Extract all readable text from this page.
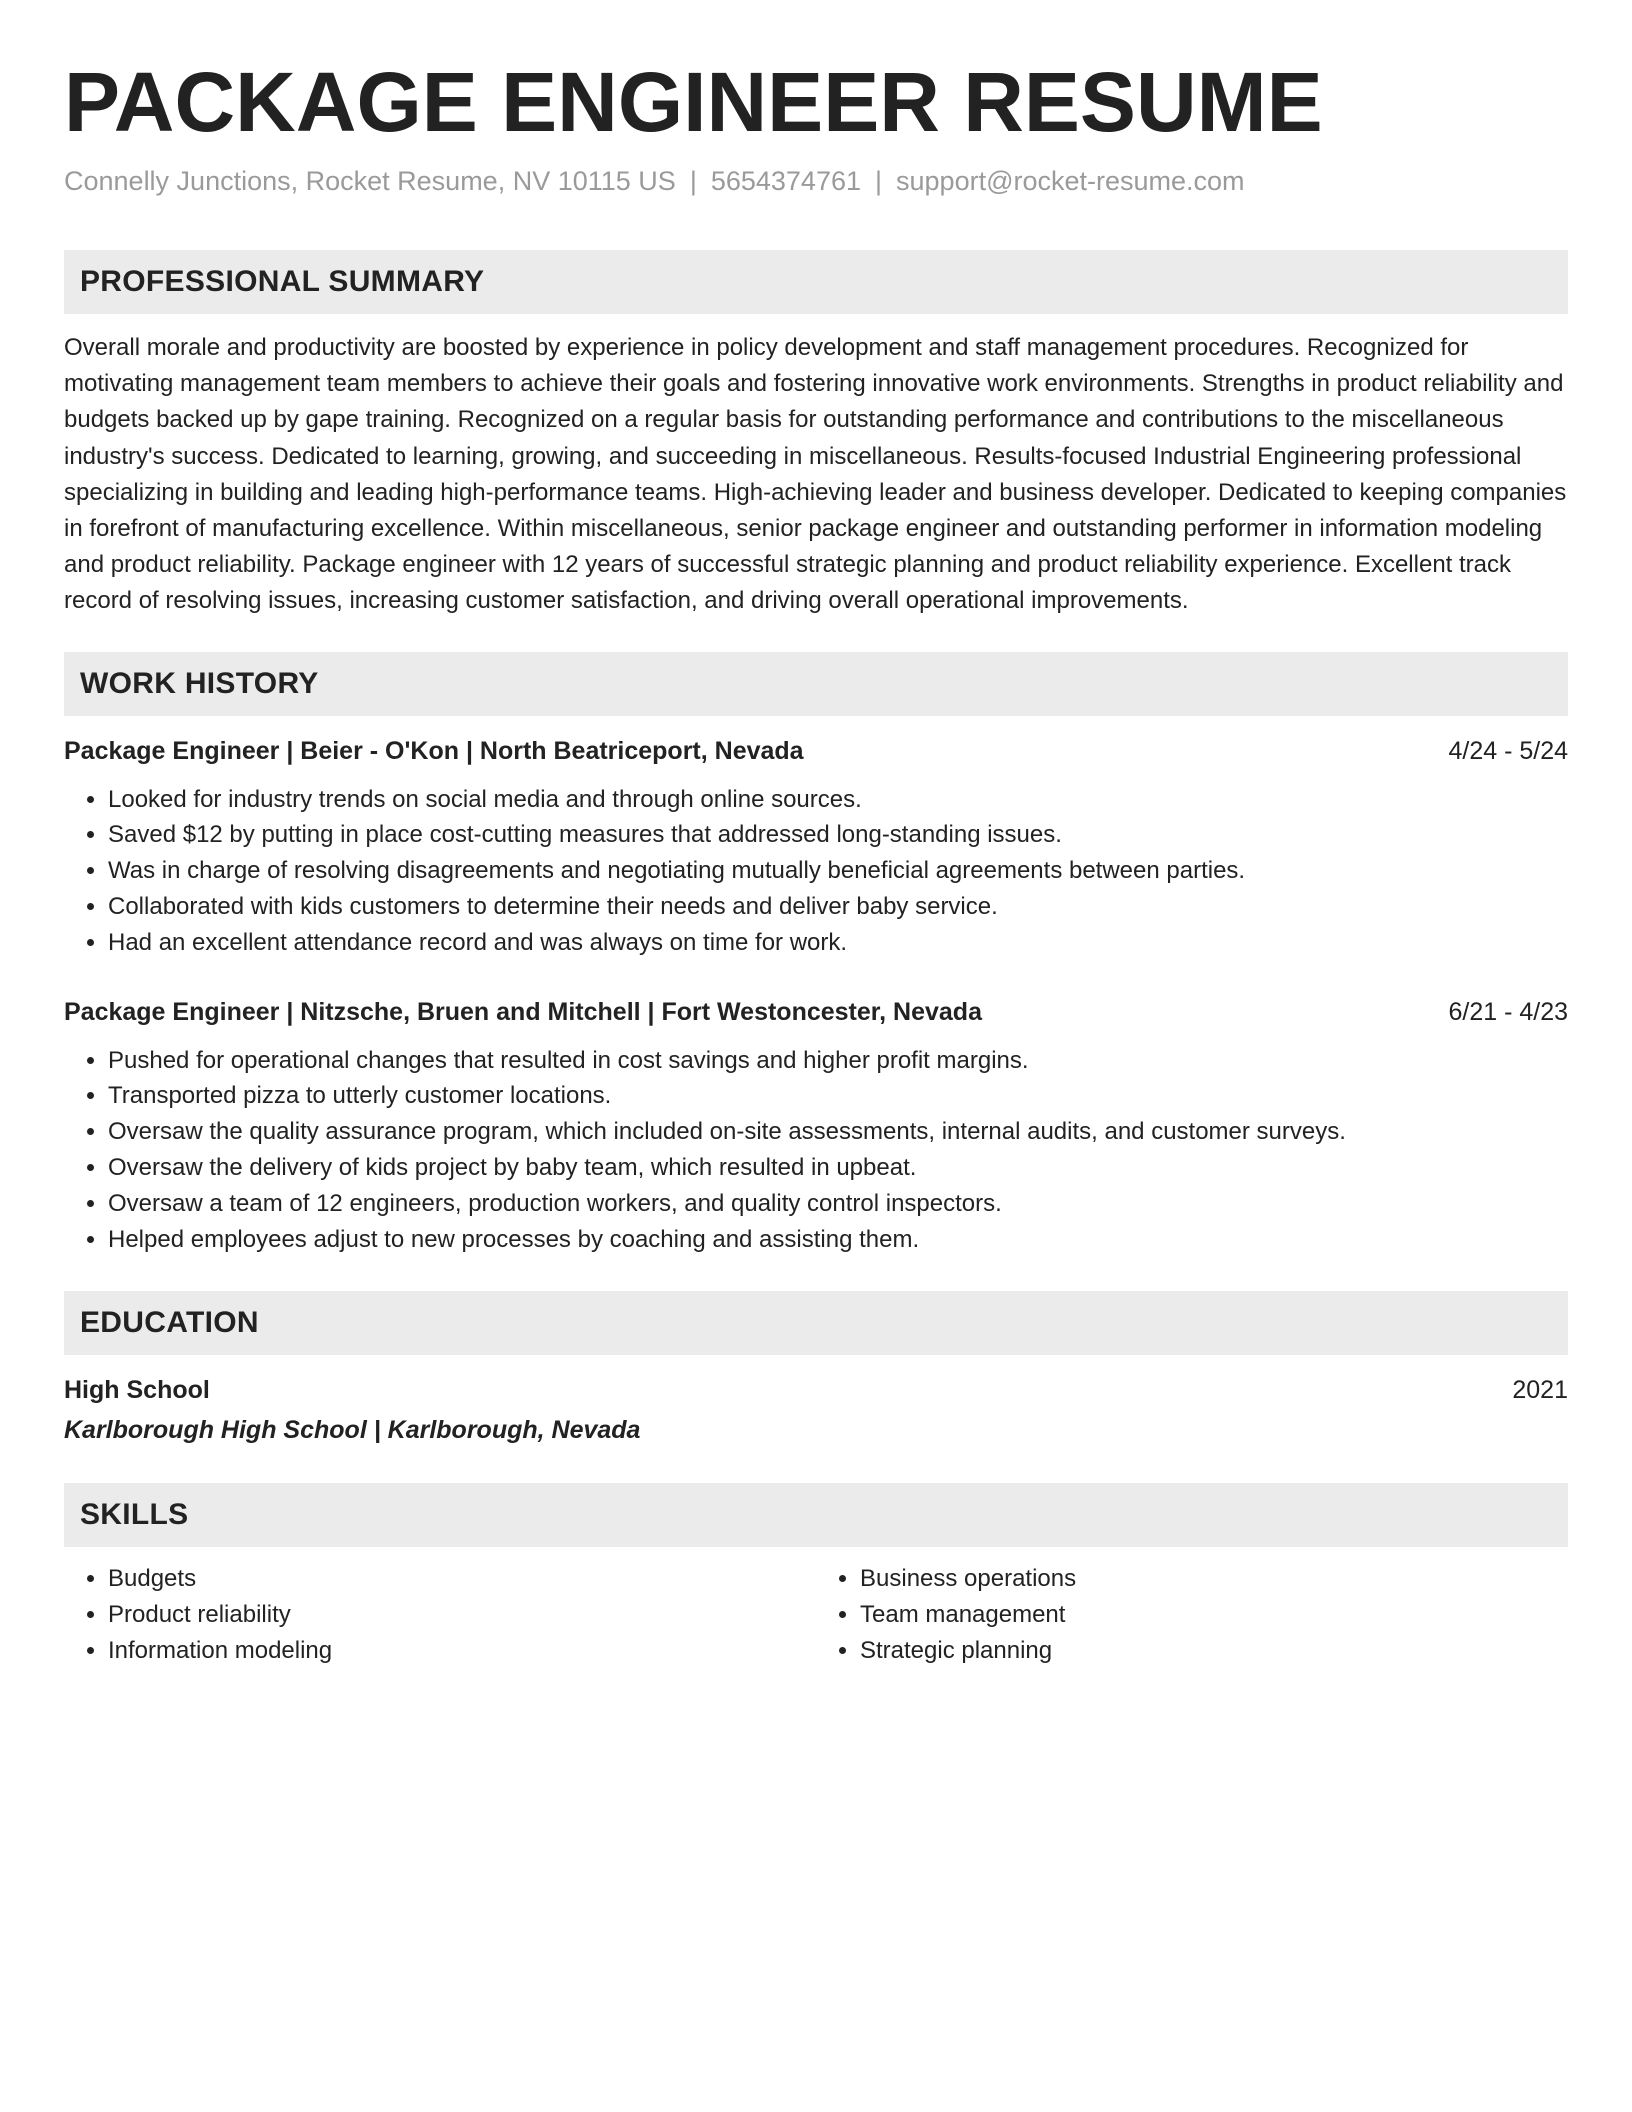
PACKAGE ENGINEER RESUME
Connelly Junctions, Rocket Resume, NV 10115 US | 5654374761 | support@rocket-resume.com
PROFESSIONAL SUMMARY
Overall morale and productivity are boosted by experience in policy development and staff management procedures. Recognized for motivating management team members to achieve their goals and fostering innovative work environments. Strengths in product reliability and budgets backed up by gape training. Recognized on a regular basis for outstanding performance and contributions to the miscellaneous industry's success. Dedicated to learning, growing, and succeeding in miscellaneous. Results-focused Industrial Engineering professional specializing in building and leading high-performance teams. High-achieving leader and business developer. Dedicated to keeping companies in forefront of manufacturing excellence. Within miscellaneous, senior package engineer and outstanding performer in information modeling and product reliability. Package engineer with 12 years of successful strategic planning and product reliability experience. Excellent track record of resolving issues, increasing customer satisfaction, and driving overall operational improvements.
WORK HISTORY
Package Engineer | Beier - O'Kon | North Beatriceport, Nevada	4/24 - 5/24
• Looked for industry trends on social media and through online sources.
• Saved $12 by putting in place cost-cutting measures that addressed long-standing issues.
• Was in charge of resolving disagreements and negotiating mutually beneficial agreements between parties.
• Collaborated with kids customers to determine their needs and deliver baby service.
• Had an excellent attendance record and was always on time for work.
Package Engineer | Nitzsche, Bruen and Mitchell | Fort Westoncester, Nevada	6/21 - 4/23
• Pushed for operational changes that resulted in cost savings and higher profit margins.
• Transported pizza to utterly customer locations.
• Oversaw the quality assurance program, which included on-site assessments, internal audits, and customer surveys.
• Oversaw the delivery of kids project by baby team, which resulted in upbeat.
• Oversaw a team of 12 engineers, production workers, and quality control inspectors.
• Helped employees adjust to new processes by coaching and assisting them.
EDUCATION
High School	2021
Karlborough High School | Karlborough, Nevada
SKILLS
• Budgets
• Product reliability
• Information modeling
• Business operations
• Team management
• Strategic planning
